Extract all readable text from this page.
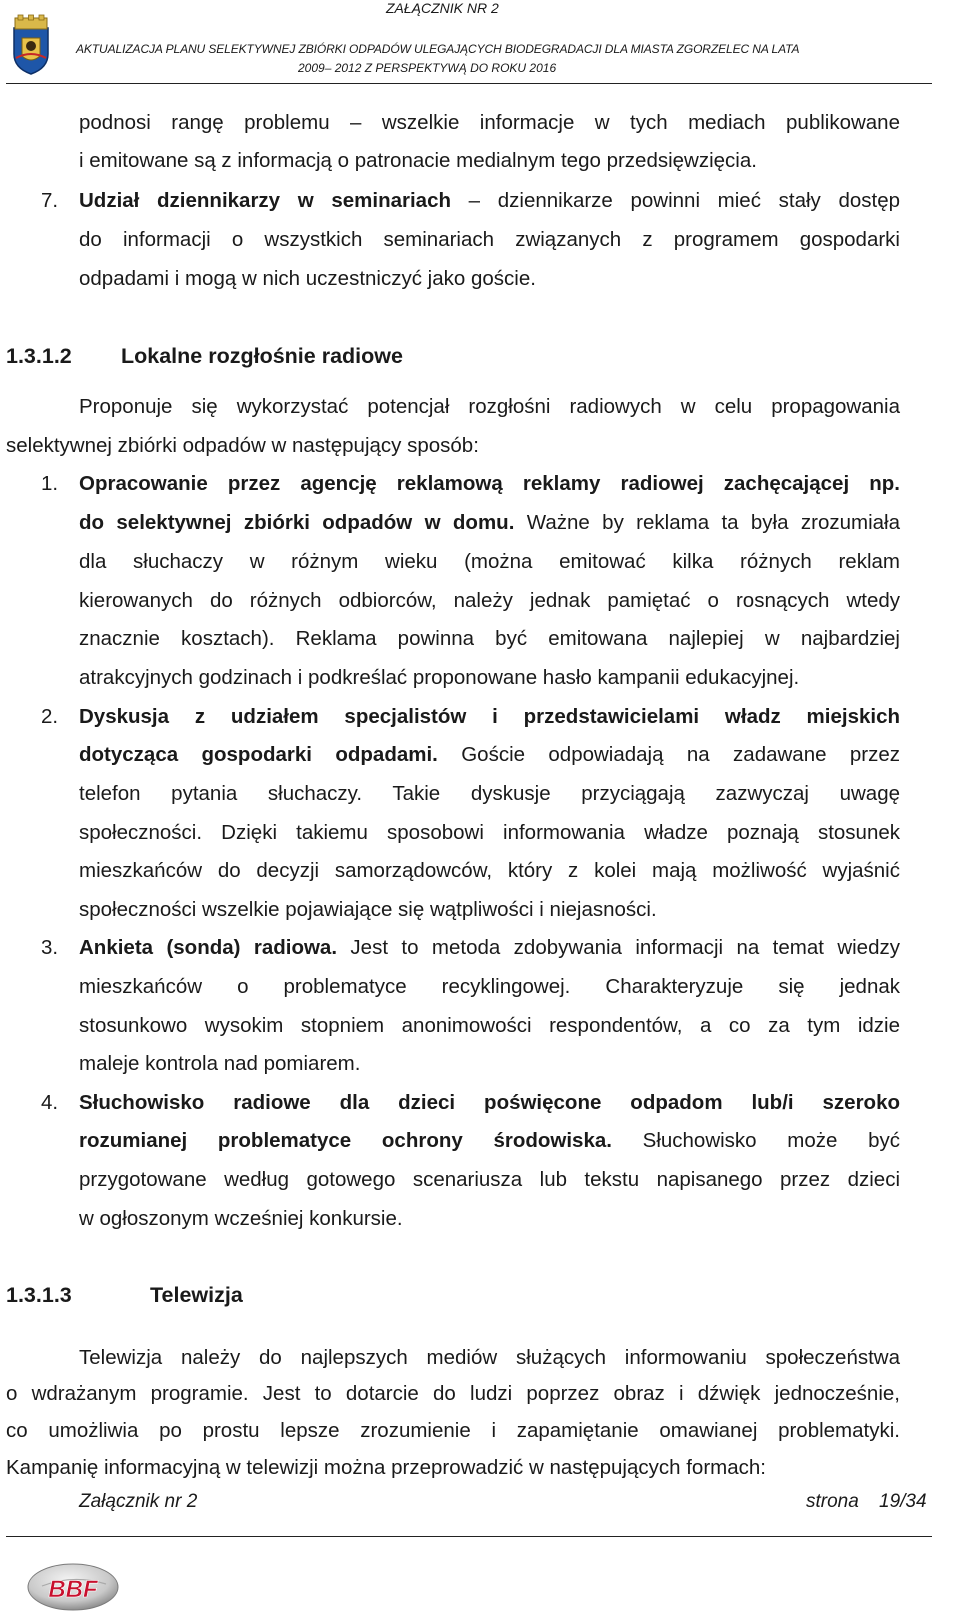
ZAŁĄCZNIK NR 2
AKTUALIZACJA PLANU SELEKTYWNEJ ZBIÓRKI ODPADÓW ULEGAJĄCYCH BIODEGRADACJI DLA MIASTA ZGORZELEC NA LATA
2009– 2012 Z PERSPEKTYWĄ DO ROKU 2016
podnosi rangę problemu – wszelkie informacje w tych mediach publikowane
i emitowane są z informacją o patronacie medialnym tego przedsięwzięcia.
7. Udział dziennikarzy w seminariach – dziennikarze powinni mieć stały dostęp
do informacji o wszystkich seminariach związanych z programem gospodarki
odpadami i mogą w nich uczestniczyć jako goście.
1.3.1.2 Lokalne rozgłośnie radiowe
Proponuje się wykorzystać potencjał rozgłośni radiowych w celu propagowania
selektywnej zbiórki odpadów w następujący sposób:
1. Opracowanie przez agencję reklamową reklamy radiowej zachęcającej np.
do selektywnej zbiórki odpadów w domu. Ważne by reklama ta była zrozumiała
dla słuchaczy w różnym wieku (można emitować kilka różnych reklam
kierowanych do różnych odbiorców, należy jednak pamiętać o rosnących wtedy
znacznie kosztach). Reklama powinna być emitowana najlepiej w najbardziej
atrakcyjnych godzinach i podkreślać proponowane hasło kampanii edukacyjnej.
2. Dyskusja z udziałem specjalistów i przedstawicielami władz miejskich
dotycząca gospodarki odpadami. Goście odpowiadają na zadawane przez
telefon pytania słuchaczy. Takie dyskusje przyciągają zazwyczaj uwagę
społeczności. Dzięki takiemu sposobowi informowania władze poznają stosunek
mieszkańców do decyzji samorządowców, który z kolei mają możliwość wyjaśnić
społeczności wszelkie pojawiające się wątpliwości i niejasności.
3. Ankieta (sonda) radiowa. Jest to metoda zdobywania informacji na temat wiedzy
mieszkańców o problematyce recyklingowej. Charakteryzuje się jednak
stosunkowo wysokim stopniem anonimowości respondentów, a co za tym idzie
maleje kontrola nad pomiarem.
4. Słuchowisko radiowe dla dzieci poświęcone odpadom lub/i szeroko
rozumianej problematyce ochrony środowiska. Słuchowisko może być
przygotowane według gotowego scenariusza lub tekstu napisanego przez dzieci
w ogłoszonym wcześniej konkursie.
1.3.1.3	Telewizja
Telewizja należy do najlepszych mediów służących informowaniu społeczeństwa
o wdrażanym programie. Jest to dotarcie do ludzi poprzez obraz i dźwięk jednocześnie,
co umożliwia po prostu lepsze zrozumienie i zapamiętanie omawianej problematyki.
Kampanię informacyjną w telewizji można przeprowadzić w następujących formach:
Załącznik nr 2	strona 19/34
BBF
